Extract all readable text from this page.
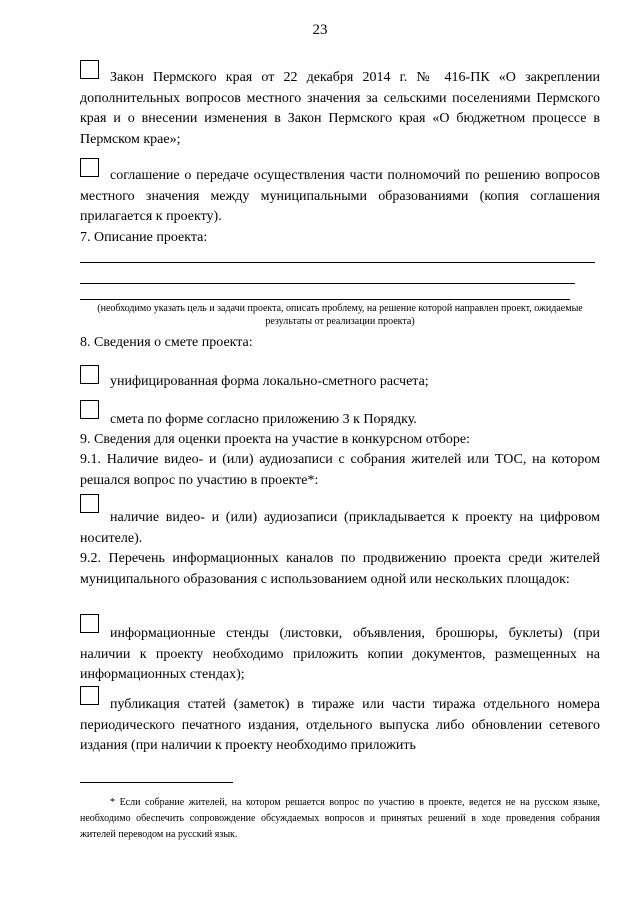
23
Закон Пермского края от 22 декабря 2014 г. № 416-ПК «О закреплении дополнительных вопросов местного значения за сельскими поселениями Пермского края и о внесении изменения в Закон Пермского края «О бюджетном процессе в Пермском крае»;
соглашение о передаче осуществления части полномочий по решению вопросов местного значения между муниципальными образованиями (копия соглашения прилагается к проекту).
7. Описание проекта:
(необходимо указать цель и задачи проекта, описать проблему, на решение которой направлен проект, ожидаемые результаты от реализации проекта)
8. Сведения о смете проекта:
унифицированная форма локально-сметного расчета;
смета по форме согласно приложению 3 к Порядку.
9. Сведения для оценки проекта на участие в конкурсном отборе:
9.1. Наличие видео- и (или) аудиозаписи с собрания жителей или ТОС, на котором решался вопрос по участию в проекте*:
наличие видео- и (или) аудиозаписи (прикладывается к проекту на цифровом носителе).
9.2. Перечень информационных каналов по продвижению проекта среди жителей муниципального образования с использованием одной или нескольких площадок:
информационные стенды (листовки, объявления, брошюры, буклеты) (при наличии к проекту необходимо приложить копии документов, размещенных на информационных стендах);
публикация статей (заметок) в тираже или части тиража отдельного номера периодического печатного издания, отдельного выпуска либо обновлении сетевого издания (при наличии к проекту необходимо приложить
* Если собрание жителей, на котором решается вопрос по участию в проекте, ведется не на русском языке, необходимо обеспечить сопровождение обсуждаемых вопросов и принятых решений в ходе проведения собрания жителей переводом на русский язык.
